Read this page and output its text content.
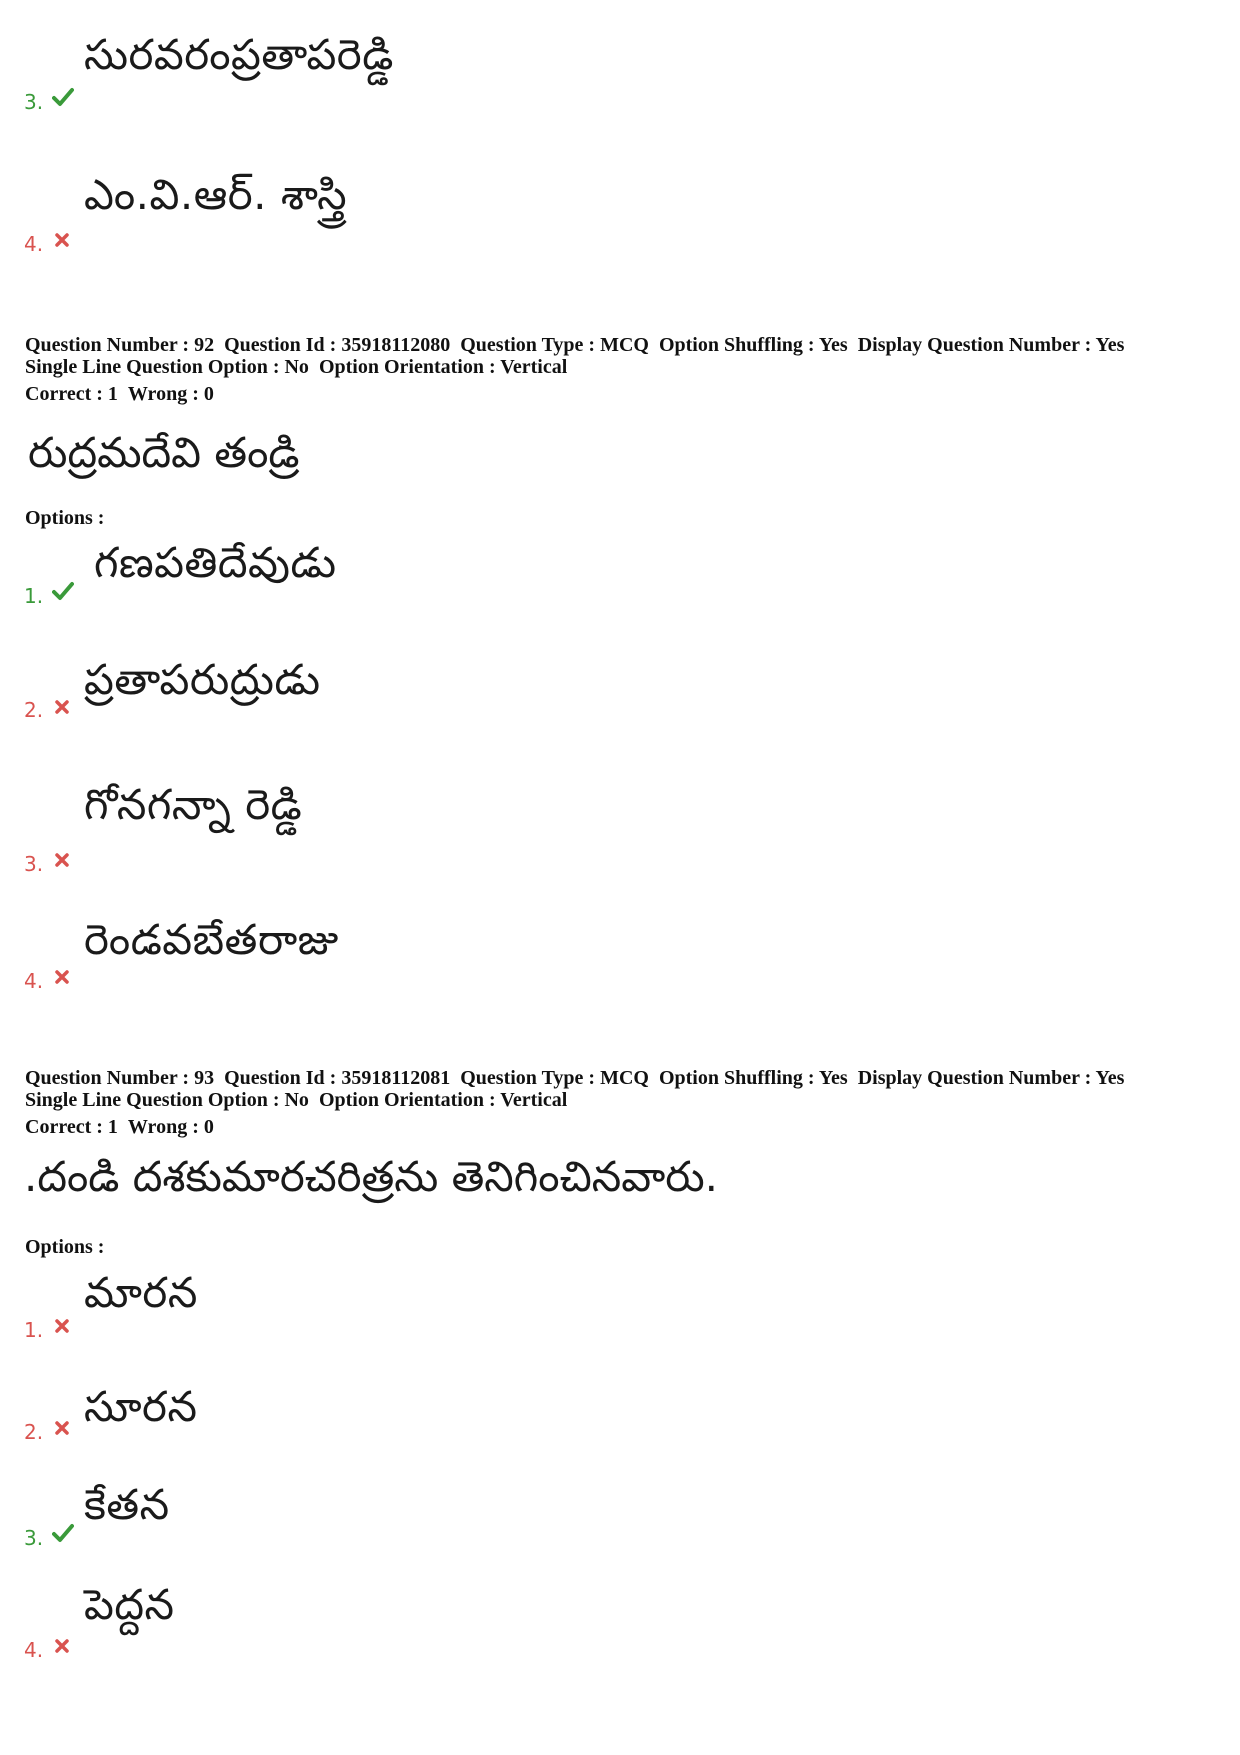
సురవరంప్రతాపరెడ్డి
3.
ఎం.వి.ఆర్. శాస్త్రి
4.
Question Number : 92 Question Id : 35918112080 Question Type : MCQ Option Shuffling : Yes Display Question Number : Yes
Single Line Question Option : No Option Orientation : Vertical
Correct : 1 Wrong : 0
రుద్రమదేవి తండ్రి
Options :
గణపతిదేవుడు
1.
ప్రతాపరుద్రుడు
2.
గోనగన్నా రెడ్డి
3.
రెండవబేతరాజు
4.
Question Number : 93 Question Id : 35918112081 Question Type : MCQ Option Shuffling : Yes Display Question Number : Yes
Single Line Question Option : No Option Orientation : Vertical
Correct : 1 Wrong : 0
.దండి దశకుమారచరిత్రను తెనిగించినవారు.
Options :
మారన
1.
సూరన
2.
కేతన
3.
పెద్దన
4.
